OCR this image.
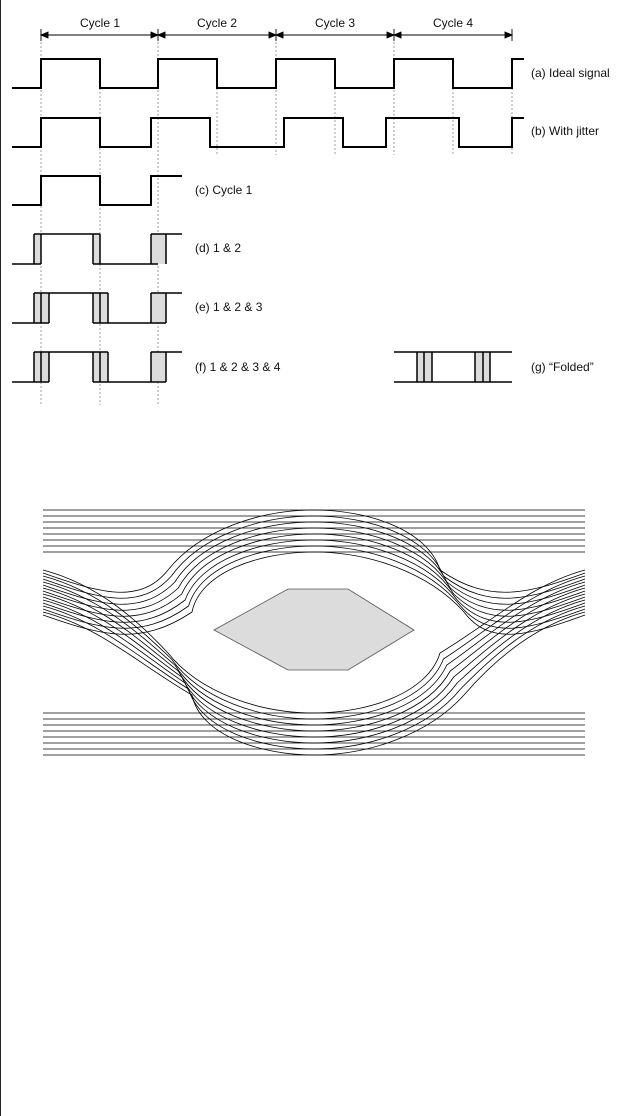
Cycle 1	Cycle 2	Cycle 3	Cycle 4
(a) Ideal signal
(b) With jitter
(c) Cycle 1
(d) 1 & 2
(e) 1 & 2 & 3
(f) 1 & 2 & 3 & 4	(g) “Folded”
